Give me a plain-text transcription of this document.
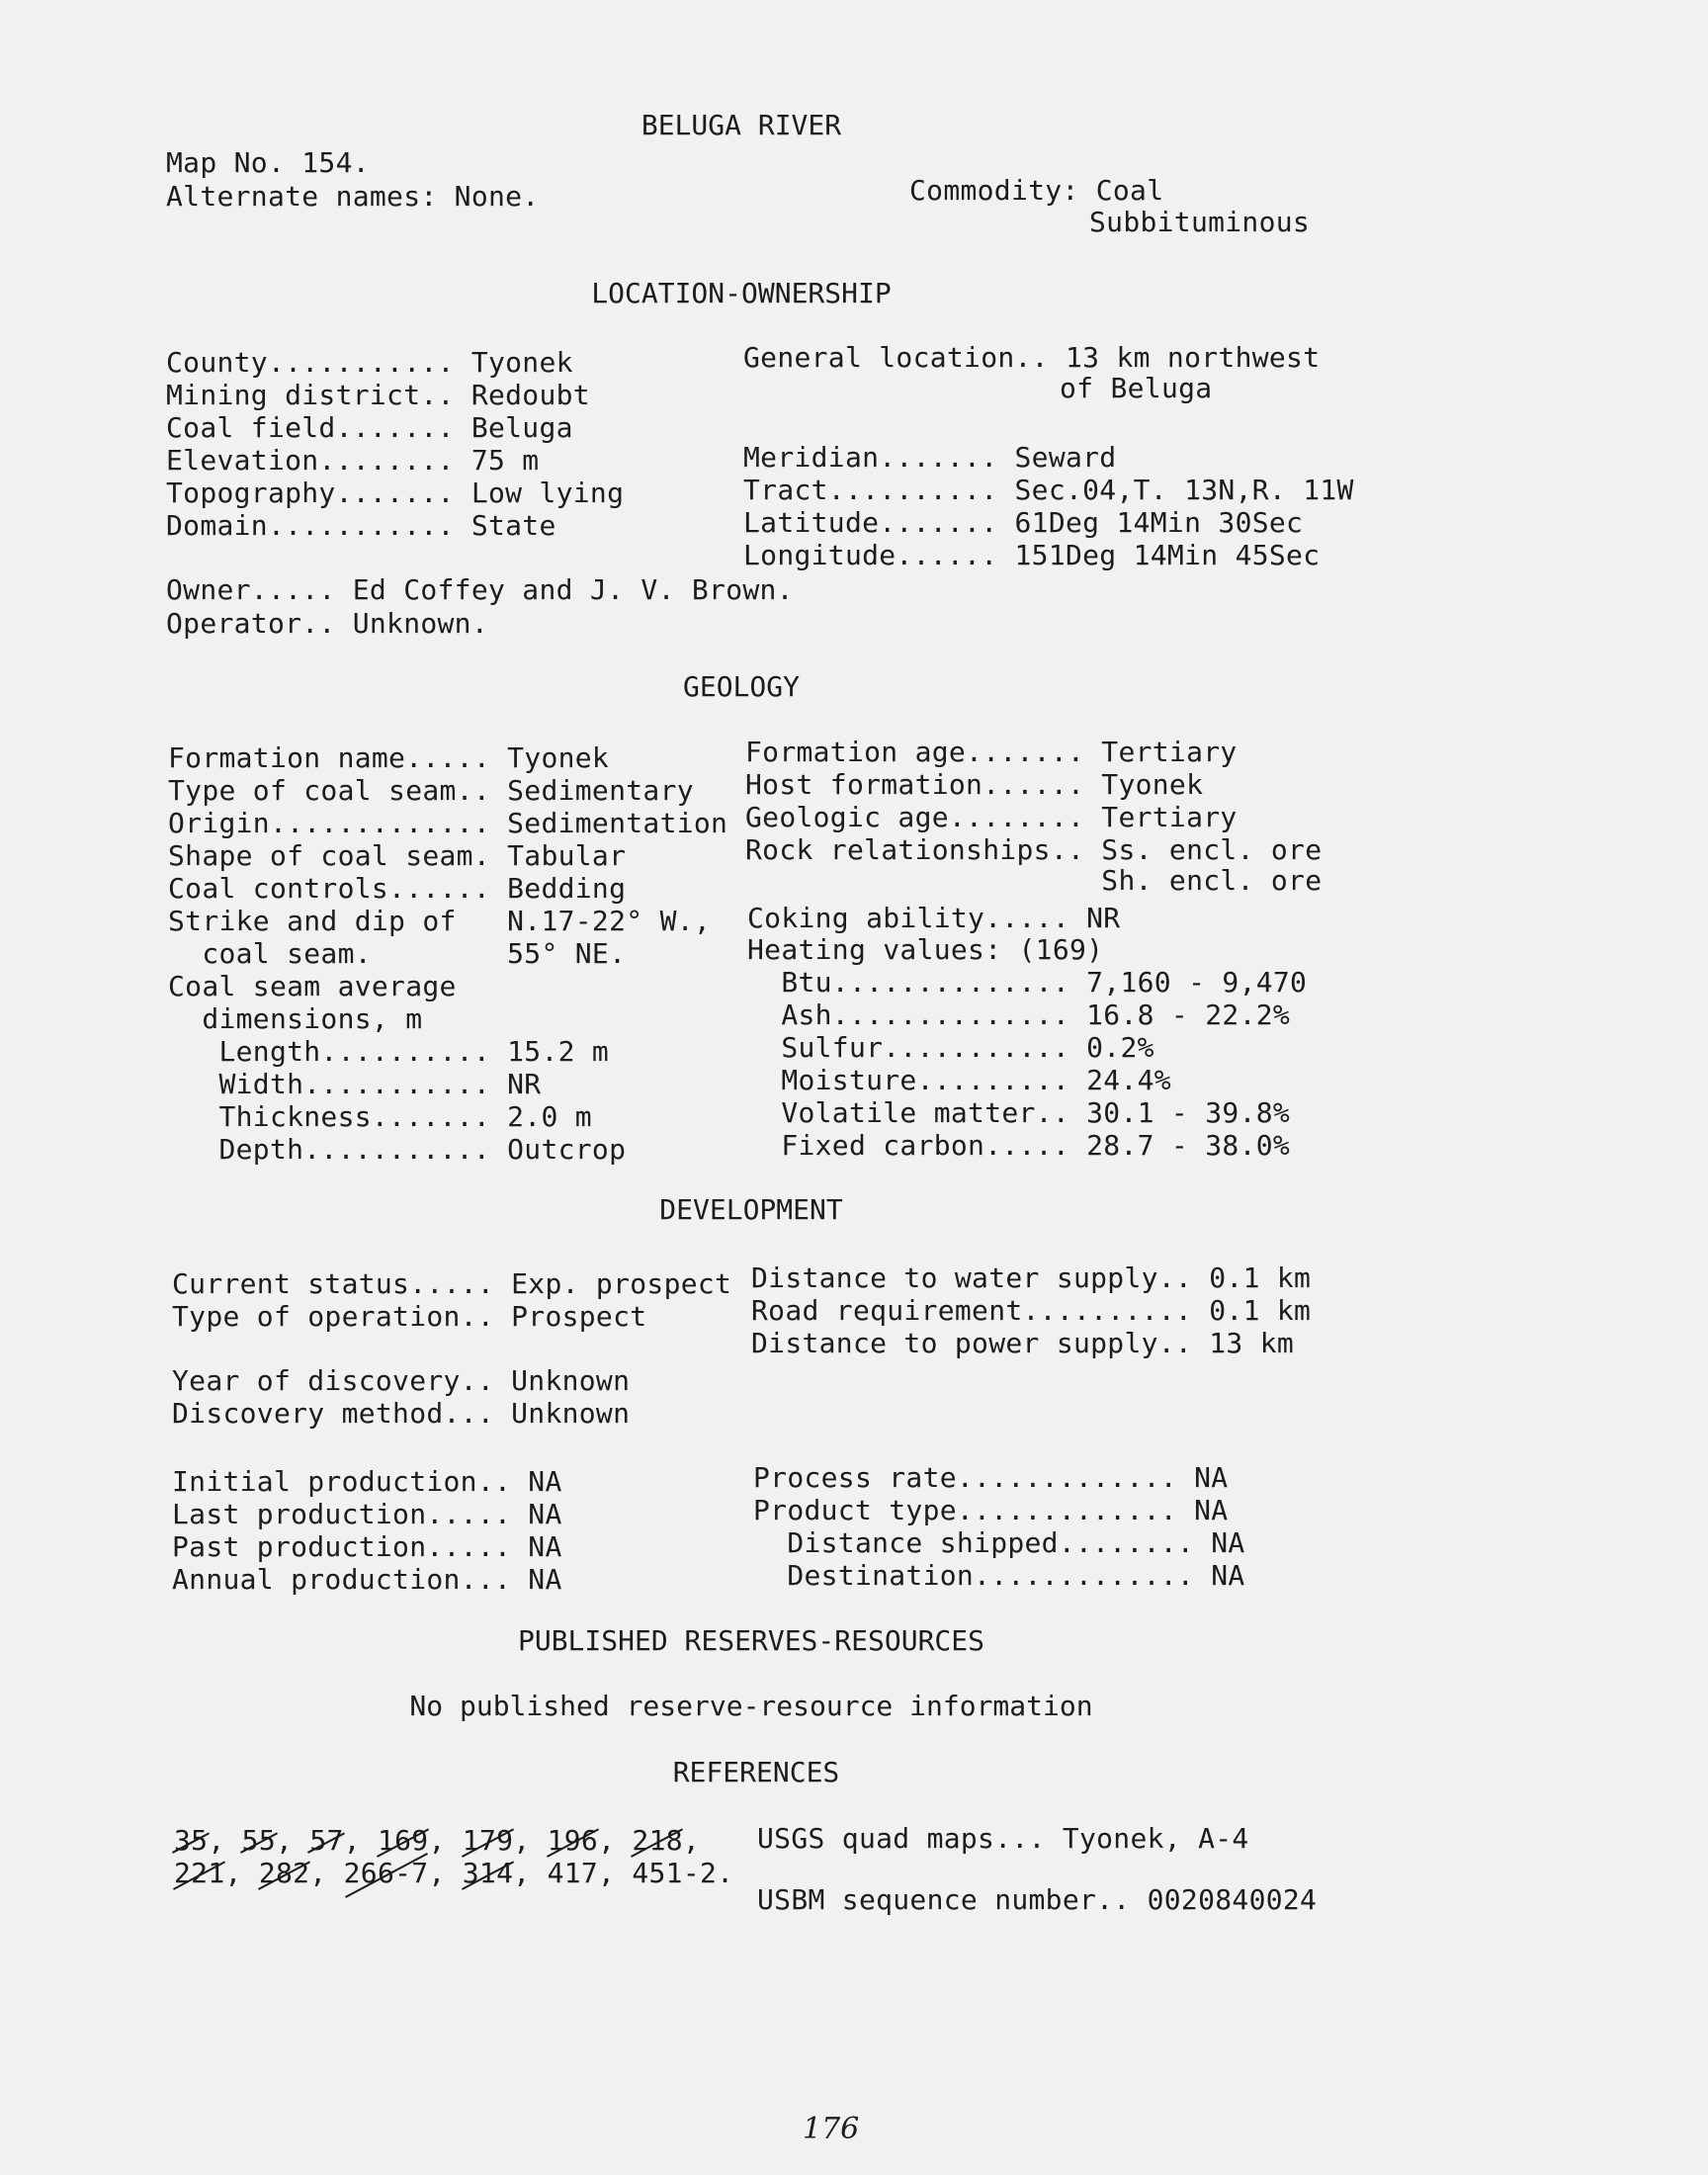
BELUGA RIVER
Map No. 154.
Alternate names: None.	Commodity: Coal
Subbituminous
LOCATION-OWNERSHIP
County........... Tyonek
Mining district.. Redoubt
Coal field....... Beluga
Elevation........ 75 m
Topography....... Low lying
Domain........... State
General location.. 13 km northwest
of Beluga
Meridian....... Seward
Tract.......... Sec.04,T. 13N,R. 11W
Latitude....... 61Deg 14Min 30Sec
Longitude...... 151Deg 14Min 45Sec
Owner..... Ed Coffey and J. V. Brown.
Operator.. Unknown.
GEOLOGY
Formation name..... Tyonek
Type of coal seam.. Sedimentary
Origin............. Sedimentation
Shape of coal seam. Tabular
Coal controls...... Bedding
Strike and dip of   N.17-22° W.,
coal seam.        55° NE.
Coal seam average
dimensions, m
Length.......... 15.2 m
Width........... NR
Thickness....... 2.0 m
Depth........... Outcrop
Formation age....... Tertiary
Host formation...... Tyonek
Geologic age........ Tertiary
Rock relationships.. Ss. encl. ore
Sh. encl. ore
Coking ability..... NR
Heating values: (169)
Btu.............. 7,160 - 9,470
Ash.............. 16.8 - 22.2%
Sulfur........... 0.2%
Moisture......... 24.4%
Volatile matter.. 30.1 - 39.8%
Fixed carbon..... 28.7 - 38.0%
DEVELOPMENT
Current status..... Exp. prospect
Type of operation.. Prospect
Distance to water supply.. 0.1 km
Road requirement.......... 0.1 km
Distance to power supply.. 13 km
Year of discovery.. Unknown
Discovery method... Unknown
Initial production.. NA
Last production..... NA
Past production..... NA
Annual production... NA
Process rate............. NA
Product type............. NA
Distance shipped........ NA
Destination............. NA
PUBLISHED RESERVES-RESOURCES
No published reserve-resource information
REFERENCES
35, 55, 57, 169, 179, 196, 218,
221, 282, 266-7, 314, 417, 451-2.
USGS quad maps... Tyonek, A-4
USBM sequence number.. 0020840024
176
